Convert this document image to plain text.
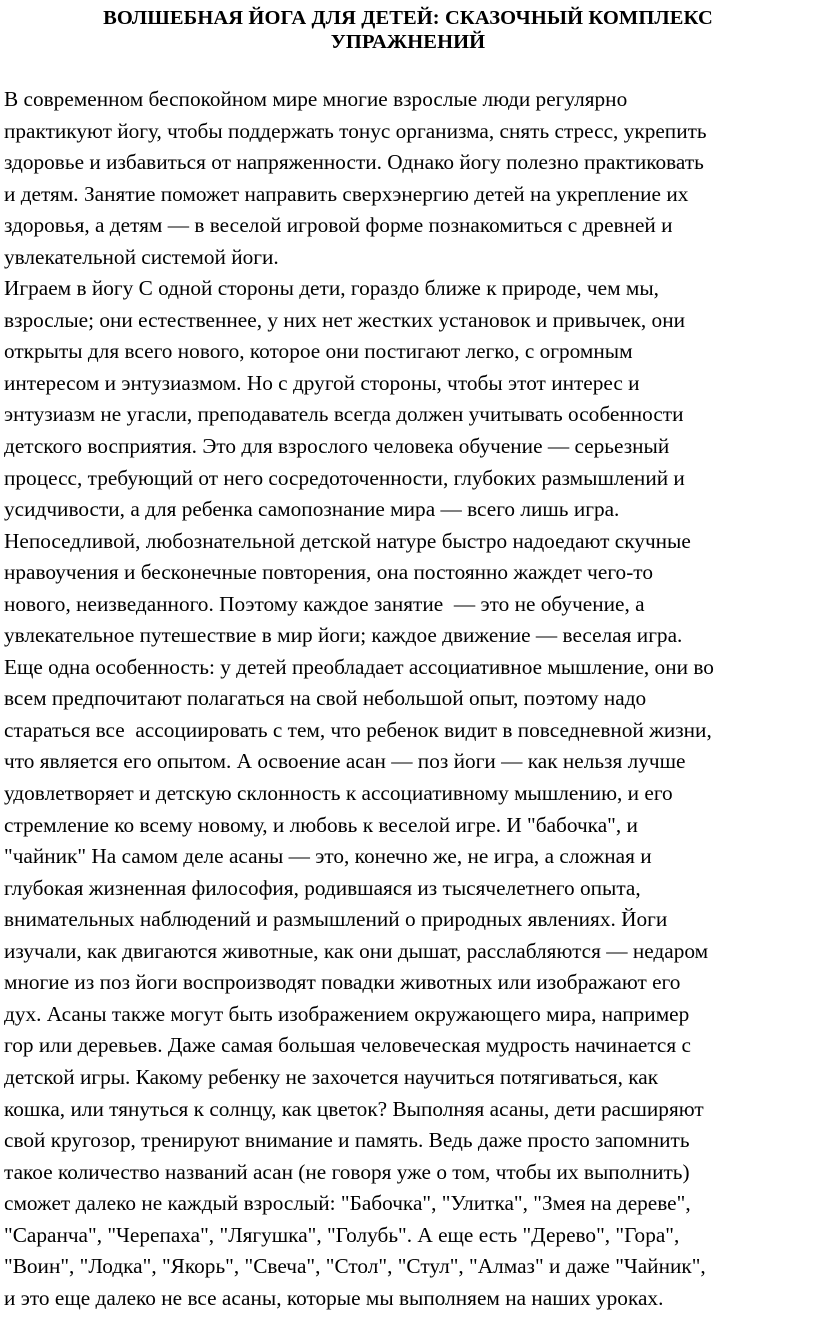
ВОЛШЕБНАЯ ЙОГА ДЛЯ ДЕТЕЙ: СКАЗОЧНЫЙ КОМПЛЕКС
УПРАЖНЕНИЙ
В современном беспокойном мире многие взрослые люди регулярно
практикуют йогу, чтобы поддержать тонус организма, снять стресс, укрепить
здоровье и избавиться от напряженности. Однако йогу полезно практиковать
и детям. Занятие поможет направить сверхэнергию детей на укрепление их
здоровья, а детям — в веселой игровой форме познакомиться с древней и
увлекательной системой йоги.
Играем в йогу С одной стороны дети, гораздо ближе к природе, чем мы,
взрослые; они естественнее, у них нет жестких установок и привычек, они
открыты для всего нового, которое они постигают легко, с огромным
интересом и энтузиазмом. Но с другой стороны, чтобы этот интерес и
энтузиазм не угасли, преподаватель всегда должен учитывать особенности
детского восприятия. Это для взрослого человека обучение — серьезный
процесс, требующий от него сосредоточенности, глубоких размышлений и
усидчивости, а для ребенка самопознание мира — всего лишь игра.
Непоседливой, любознательной детской натуре быстро надоедают скучные
нравоучения и бесконечные повторения, она постоянно жаждет чего-то
нового, неизведанного. Поэтому каждое занятие  — это не обучение, а
увлекательное путешествие в мир йоги; каждое движение — веселая игра.
Еще одна особенность: у детей преобладает ассоциативное мышление, они во
всем предпочитают полагаться на свой небольшой опыт, поэтому надо
стараться все  ассоциировать с тем, что ребенок видит в повседневной жизни,
что является его опытом. А освоение асан — поз йоги — как нельзя лучше
удовлетворяет и детскую склонность к ассоциативному мышлению, и его
стремление ко всему новому, и любовь к веселой игре. И "бабочка", и
"чайник" На самом деле асаны — это, конечно же, не игра, а сложная и
глубокая жизненная философия, родившаяся из тысячелетнего опыта,
внимательных наблюдений и размышлений о природных явлениях. Йоги
изучали, как двигаются животные, как они дышат, расслабляются — недаром
многие из поз йоги воспроизводят повадки животных или изображают его
дух. Асаны также могут быть изображением окружающего мира, например
гор или деревьев. Даже самая большая человеческая мудрость начинается с
детской игры. Какому ребенку не захочется научиться потягиваться, как
кошка, или тянуться к солнцу, как цветок? Выполняя асаны, дети расширяют
свой кругозор, тренируют внимание и память. Ведь даже просто запомнить
такое количество названий асан (не говоря уже о том, чтобы их выполнить)
сможет далеко не каждый взрослый: "Бабочка", "Улитка", "Змея на дереве",
"Саранча", "Черепаха", "Лягушка", "Голубь". А еще есть "Дерево", "Гора",
"Воин", "Лодка", "Якорь", "Свеча", "Стол", "Стул", "Алмаз" и даже "Чайник",
и это еще далеко не все асаны, которые мы выполняем на наших уроках.
